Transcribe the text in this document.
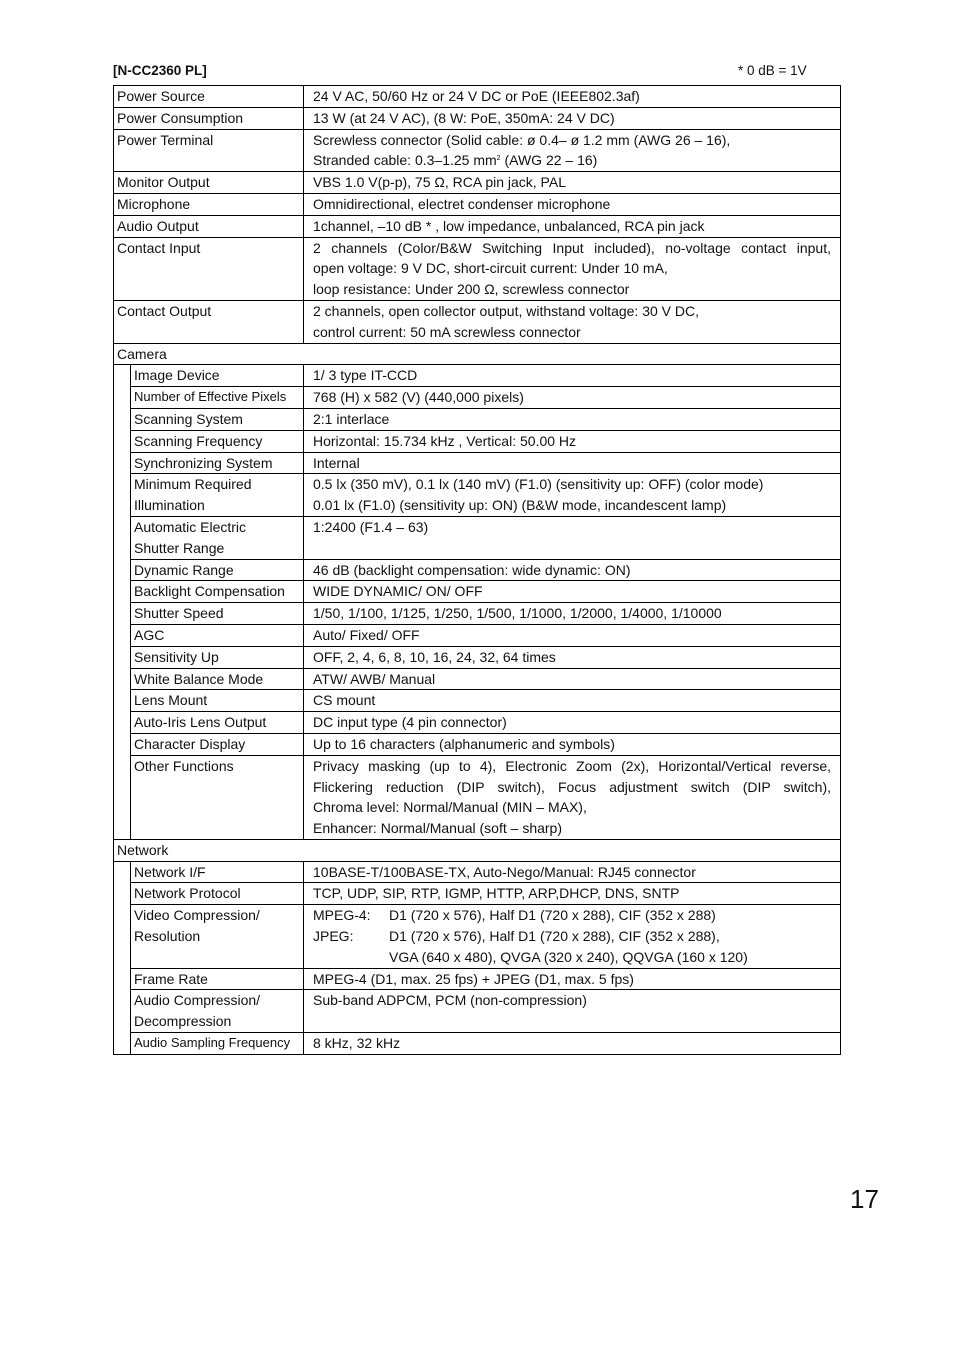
[N-CC2360 PL]	* 0 dB = 1V
Power Source		24 V AC, 50/60 Hz or 24 V DC or PoE (IEEE802.3af)

Power Consumption		13 W (at 24 V AC), (8 W: PoE, 350mA: 24 V DC)

Power Terminal		Screwless connector (Solid cable: ø 0.4– ø 1.2 mm (AWG 26 – 16),
Stranded cable: 0.3–1.25 $mm^2$ (AWG 22 – 16)

Monitor Output		VBS 1.0 V(p-p), 75 Ω, RCA pin jack, PAL

Microphone		Omnidirectional, electret condenser microphone

Audio Output		1channel, –10 dB * , low impedance, unbalanced, RCA pin jack

Contact Input		2 channels (Color/B&W Switching Input included), no-voltage contact input,
open voltage: 9 V DC, short-circuit current: Under 10 mA,
loop resistance: Under 200 Ω, screwless connector

Contact Output		2 channels, open collector output, withstand voltage: 30 V DC,
control current: 50 mA screwless connector

Camera		

	Image Device	1/ 3 type IT-CCD

	Number of Effective Pixels	768 (H) x 582 (V) (440,000 pixels)

	Scanning System	2:1 interlace

	Scanning Frequency	Horizontal: 15.734 kHz , Vertical: 50.00 Hz

	Synchronizing System	Internal

	Minimum Required
Illumination	0.5 lx (350 mV), 0.1 lx (140 mV) (F1.0) (sensitivity up: OFF) (color mode)
0.01 lx (F1.0) (sensitivity up: ON) (B&W mode, incandescent lamp)

	Automatic Electric
Shutter Range	1:2400 (F1.4 – 63)

	Dynamic Range	46 dB (backlight compensation: wide dynamic: ON)

	Backlight Compensation	WIDE DYNAMIC/ ON/ OFF

	Shutter Speed	1/50, 1/100, 1/125, 1/250, 1/500, 1/1000, 1/2000, 1/4000, 1/10000

	AGC	Auto/ Fixed/ OFF

	Sensitivity Up	OFF, 2, 4, 6, 8, 10, 16, 24, 32, 64 times

	White Balance Mode	ATW/ AWB/ Manual

	Lens Mount	CS mount

	Auto-Iris Lens Output	DC input type (4 pin connector)

	Character Display	Up to 16 characters (alphanumeric and symbols)

	Other Functions	Privacy masking (up to 4), Electronic Zoom (2x), Horizontal/Vertical reverse,
Flickering reduction (DIP switch), Focus adjustment switch (DIP switch),
Chroma level: Normal/Manual (MIN – MAX),
Enhancer: Normal/Manual (soft – sharp)

Network		

	Network I/F	10BASE-T/100BASE-TX, Auto-Nego/Manual: RJ45 connector

	Network Protocol	TCP, UDP, SIP, RTP, IGMP, HTTP, ARP,DHCP, DNS, SNTP

	Video Compression/
Resolution	MPEG-4: D1 (720 x 576), Half D1 (720 x 288), CIF (352 x 288)
JPEG: D1 (720 x 576), Half D1 (720 x 288), CIF (352 x 288),
VGA (640 x 480), QVGA (320 x 240), QQVGA (160 x 120)

	Frame Rate	MPEG-4 (D1, max. 25 fps) + JPEG (D1, max. 5 fps)

	Audio Compression/
Decompression	Sub-band ADPCM, PCM (non-compression)

	Audio Sampling Frequency	8 kHz, 32 kHz
17
